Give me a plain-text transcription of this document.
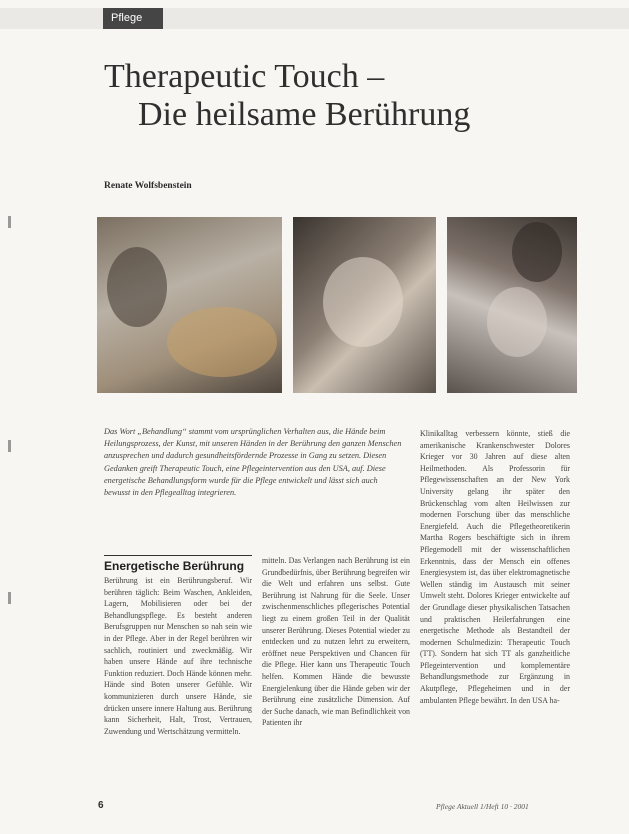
Pflege
Therapeutic Touch –
Die heilsame Berührung
Renate Wolfsbenstein

Das Wort „Behandlung“ stammt vom ursprünglichen Verhalten aus, die Hände beim Heilungsprozess, der Kunst, mit unseren Händen in der Berührung den ganzen Menschen anzusprechen und dadurch gesundheitsfördernde Prozesse in Gang zu setzen. Diesen Gedanken greift Therapeutic Touch, eine Pflegeintervention aus den USA, auf. Diese energetische Behandlungsform wurde für die Pflege entwickelt und lässt sich auch bewusst in den Pflegealltag integrieren.

Energetische Berührung

Berührung ist ein Berührungsberuf. Wir berühren täglich: Beim Waschen, Ankleiden, Lagern, Mobilisieren oder bei der Behandlungspflege. Es besteht anderen Berufsgruppen nur Menschen so nah sein wie in der Pflege. Aber in der Regel berühren wir sachlich, routiniert und zweckmäßig. Wir haben unsere Hände auf ihre technische Funktion reduziert. Doch Hände können mehr. Hände sind Boten unserer Gefühle. Wir kommunizieren durch unsere Hände, sie drücken unsere innere Haltung aus. Berührung kann Sicherheit, Halt, Trost, Vertrauen, Zuwendung und Wertschätzung vermitteln.

mitteln. Das Verlangen nach Berührung ist ein Grundbedürfnis, über Berührung begreifen wir die Welt und erfahren uns selbst. Gute Berührung ist Nahrung für die Seele. Unser zwischenmenschliches pflegerisches Potential liegt zu einem großen Teil in der Qualität unserer Berührung. Dieses Potential wieder zu entdecken und zu nutzen lehrt zu erweitern, eröffnet neue Perspektiven und Chancen für die Pflege. Hier kann uns Therapeutic Touch helfen. Kommen Hände die bewusste Energielenkung über die Hände geben wir der Berührung eine zusätzliche Dimension. Auf der Suche danach, wie man Befindlichkeit von Patienten ihr

Klinikalltag verbessern könnte, stieß die amerikanische Krankenschwester Dolores Krieger vor 30 Jahren auf diese alten Heilmethoden. Als Professorin für Pflegewissenschaften an der New York University gelang ihr später den Brückenschlag vom alten Heilwissen zur modernen Forschung über das menschliche Energiefeld. Auch die Pflegetheoretikerin Martha Rogers beschäftigte sich in ihrem Pflegemodell mit der wissenschaftlichen Erkenntnis, dass der Mensch ein offenes Energiesystem ist, das über elektromagnetische Wellen ständig im Austausch mit seiner Umwelt steht. Dolores Krieger entwickelte auf der Grundlage dieser physikalischen Tatsachen und praktischen Heilerfahrungen eine energetische Methode als Bestandteil der modernen Schulmedizin: Therapeutic Touch (TT). Sondern hat sich TT als ganzheitliche Pflegeintervention und komplementäre Behandlungsmethode zur Ergänzung in Akutpflege, Pflegeheimen und in der ambulanten Pflege bewährt. In den USA ha-

6	Pflege Aktuell 1/Heft 10 · 2001
